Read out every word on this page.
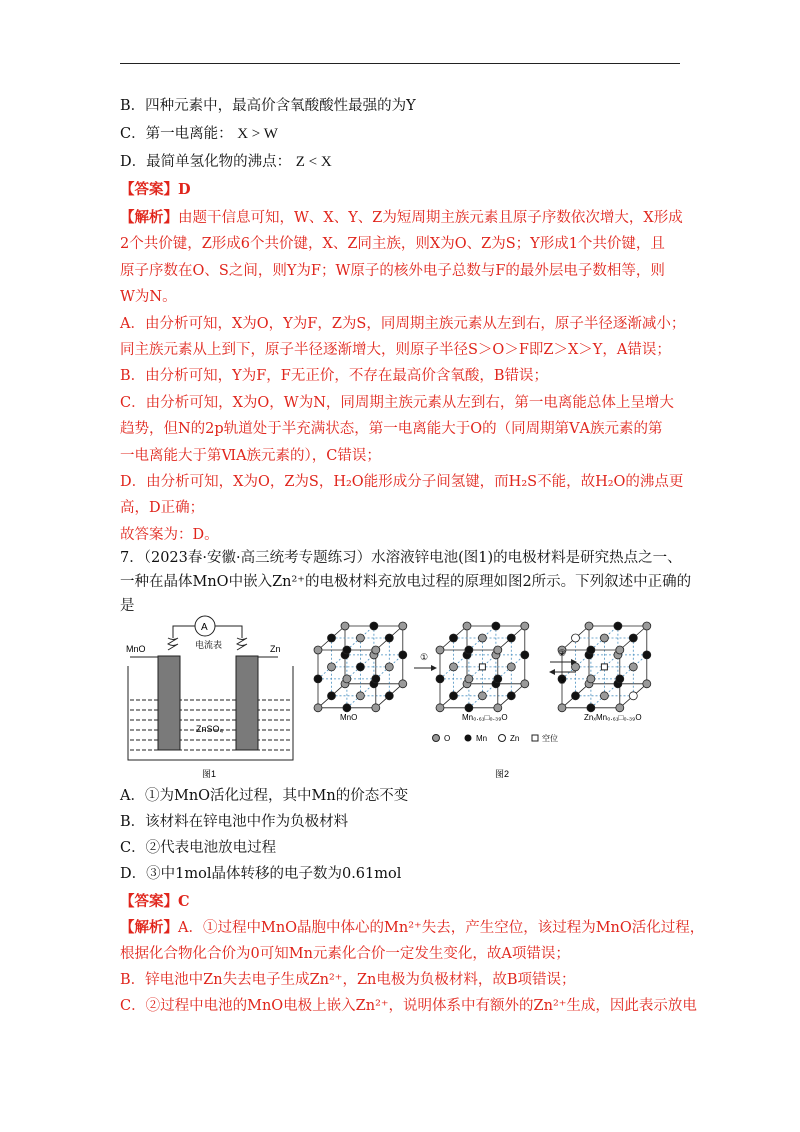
B．四种元素中，最高价含氧酸酸性最强的为Y
C．第一电离能： X > W
D．最简单氢化物的沸点： Z < X
【答案】D
【解析】由题干信息可知，W、X、Y、Z为短周期主族元素且原子序数依次增大，X形成
2个共价键，Z形成6个共价键，X、Z同主族，则X为O、Z为S；Y形成1个共价键，且
原子序数在O、S之间，则Y为F；W原子的核外电子总数与F的最外层电子数相等，则
W为N。
A．由分析可知，X为O，Y为F，Z为S，同周期主族元素从左到右，原子半径逐渐减小；
同主族元素从上到下，原子半径逐渐增大，则原子半径S＞O＞F即Z＞X＞Y，A错误；
B．由分析可知，Y为F，F无正价，不存在最高价含氧酸，B错误；
C．由分析可知，X为O，W为N，同周期主族元素从左到右，第一电离能总体上呈增大
趋势，但N的2p轨道处于半充满状态，第一电离能大于O的（同周期第ⅤA族元素的第
一电离能大于第ⅥA族元素的），C错误；
D．由分析可知，X为O，Z为S，H₂O能形成分子间氢键，而H₂S不能，故H₂O的沸点更
高，D正确；
故答案为：D。
7．（2023春·安徽·高三统考专题练习）水溶液锌电池(图1)的电极材料是研究热点之一、
一种在晶体MnO中嵌入Zn²⁺的电极材料充放电过程的原理如图2所示。下列叙述中正确的
是
A
电流表
MnO	Zn
ZnSO₄
图1
①	②
③
MnO	Mn₀.₆₁□₀.₃₉O	ZnₓMn₀.₆₁□₀.₃₉O
O	Mn	Zn	空位
图2
A．①为MnO活化过程，其中Mn的价态不变
B．该材料在锌电池中作为负极材料
C．②代表电池放电过程
D．③中1mol晶体转移的电子数为0.61mol
【答案】C
【解析】A．①过程中MnO晶胞中体心的Mn²⁺失去，产生空位，该过程为MnO活化过程，
根据化合物化合价为0可知Mn元素化合价一定发生变化，故A项错误；
B．锌电池中Zn失去电子生成Zn²⁺，Zn电极为负极材料，故B项错误；
C．②过程中电池的MnO电极上嵌入Zn²⁺，说明体系中有额外的Zn²⁺生成，因此表示放电
